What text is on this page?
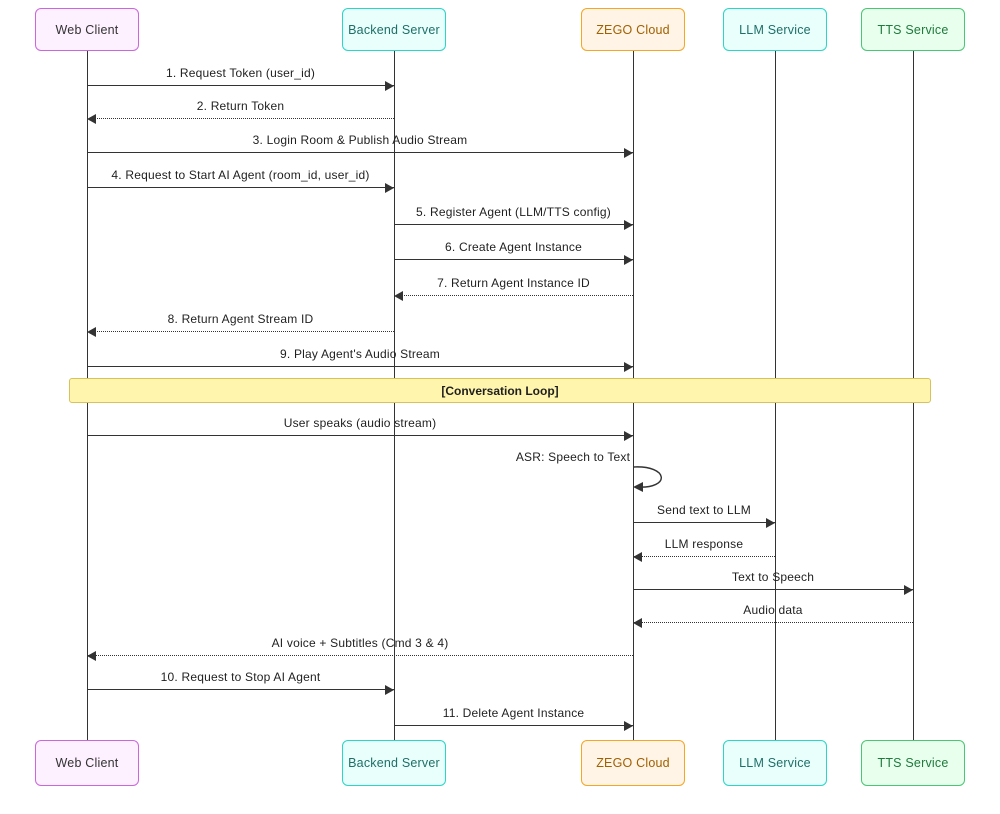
Web Client
Web Client
Backend Server
Backend Server
ZEGO Cloud
ZEGO Cloud
LLM Service
LLM Service
TTS Service
TTS Service
[Conversation Loop]
1. Request Token (user_id)
2. Return Token
3. Login Room & Publish Audio Stream
4. Request to Start AI Agent (room_id, user_id)
5. Register Agent (LLM/TTS config)
6. Create Agent Instance
7. Return Agent Instance ID
8. Return Agent Stream ID
9. Play Agent's Audio Stream
User speaks (audio stream)
ASR: Speech to Text
Send text to LLM
LLM response
Text to Speech
Audio data
AI voice + Subtitles (Cmd 3 & 4)
10. Request to Stop AI Agent
11. Delete Agent Instance
